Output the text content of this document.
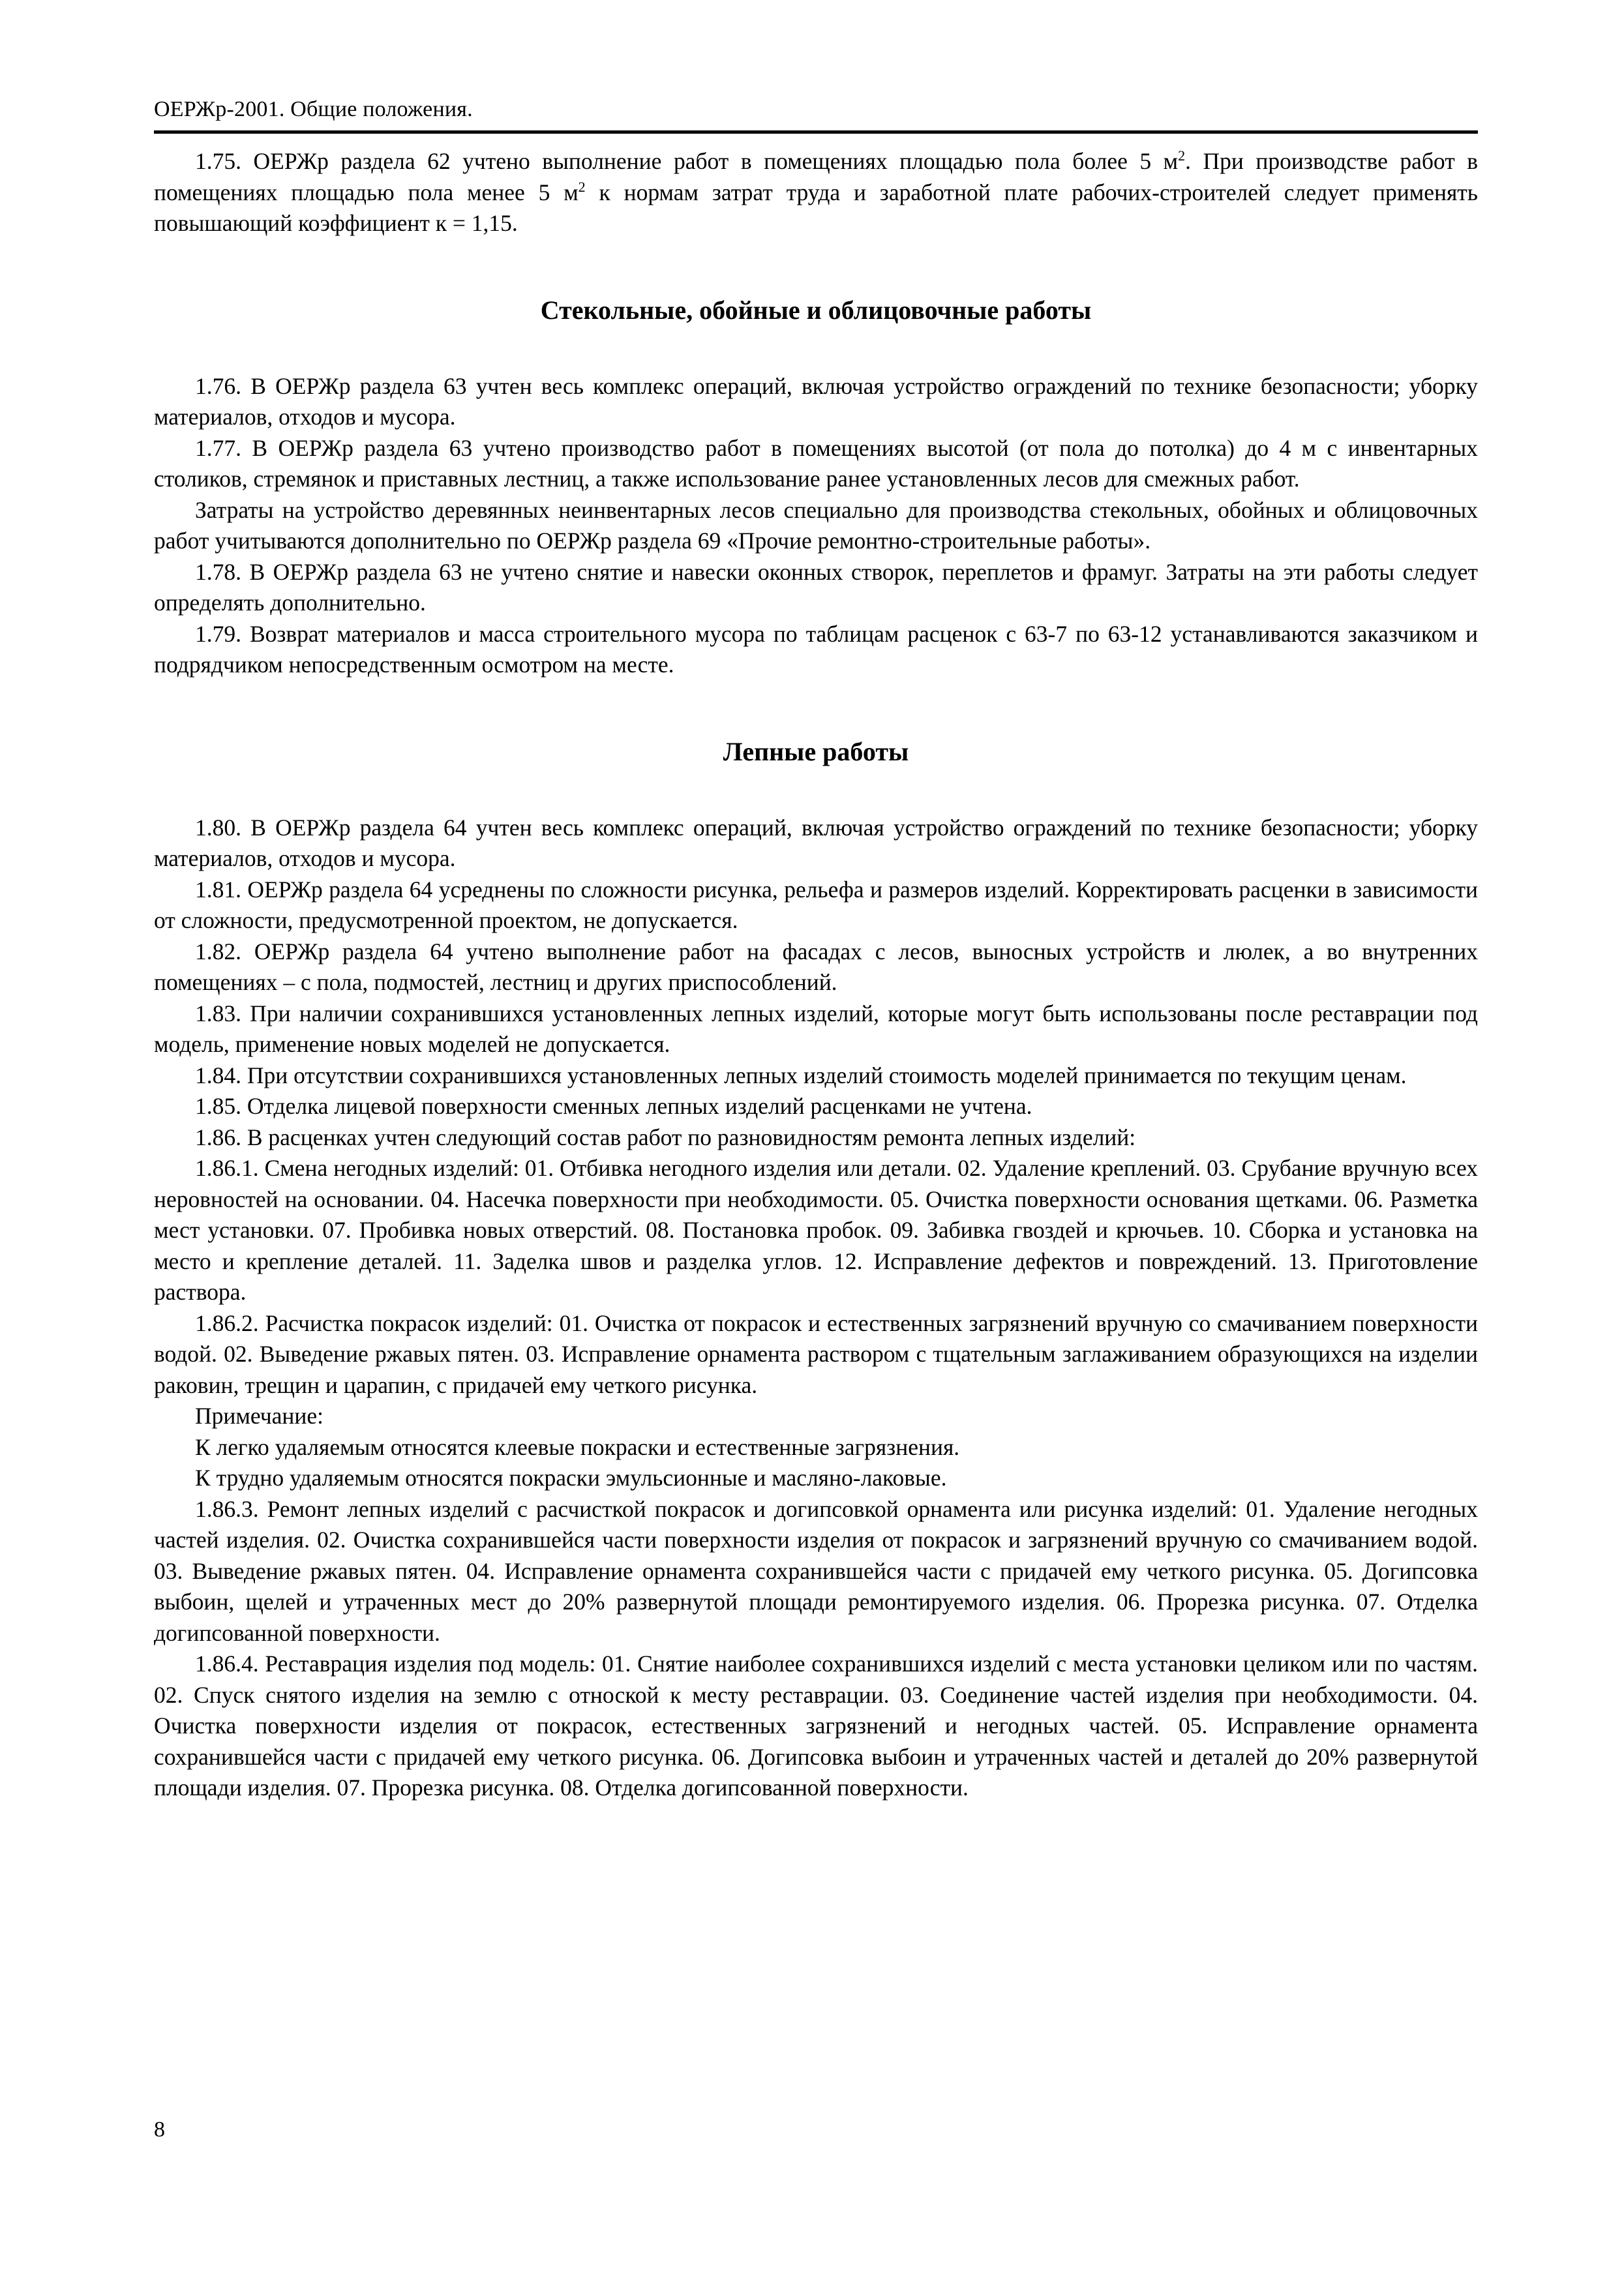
ОЕРЖр-2001. Общие положения.

1.75. ОЕРЖр раздела 62 учтено выполнение работ в помещениях площадью пола более 5 $м^2$. При производстве работ в помещениях площадью пола менее 5 $м^2$ к нормам затрат труда и заработной плате рабочих-строителей следует применять повышающий коэффициент к = 1,15.

Стекольные, обойные и облицовочные работы

1.76. В ОЕРЖр раздела 63 учтен весь комплекс операций, включая устройство ограждений по технике безопасности; уборку материалов, отходов и мусора.

1.77. В ОЕРЖр раздела 63 учтено производство работ в помещениях высотой (от пола до потолка) до 4 м с инвентарных столиков, стремянок и приставных лестниц, а также использование ранее установленных лесов для смежных работ.

Затраты на устройство деревянных неинвентарных лесов специально для производства стекольных, обойных и облицовочных работ учитываются дополнительно по ОЕРЖр раздела 69 «Прочие ремонтно-строительные работы».

1.78. В ОЕРЖр раздела 63 не учтено снятие и навески оконных створок, переплетов и фрамуг. Затраты на эти работы следует определять дополнительно.

1.79. Возврат материалов и масса строительного мусора по таблицам расценок с 63-7 по 63-12 устанавливаются заказчиком и подрядчиком непосредственным осмотром на месте.

Лепные работы

1.80. В ОЕРЖр раздела 64 учтен весь комплекс операций, включая устройство ограждений по технике безопасности; уборку материалов, отходов и мусора.

1.81. ОЕРЖр раздела 64 усреднены по сложности рисунка, рельефа и размеров изделий. Корректировать расценки в зависимости от сложности, предусмотренной проектом, не допускается.

1.82. ОЕРЖр раздела 64 учтено выполнение работ на фасадах с лесов, выносных устройств и люлек, а во внутренних помещениях – с пола, подмостей, лестниц и других приспособлений.

1.83. При наличии сохранившихся установленных лепных изделий, которые могут быть использованы после реставрации под модель, применение новых моделей не допускается.

1.84. При отсутствии сохранившихся установленных лепных изделий стоимость моделей принимается по текущим ценам.

1.85. Отделка лицевой поверхности сменных лепных изделий расценками не учтена.

1.86. В расценках учтен следующий состав работ по разновидностям ремонта лепных изделий:

1.86.1. Смена негодных изделий: 01. Отбивка негодного изделия или детали. 02. Удаление креплений. 03. Срубание вручную всех неровностей на основании. 04. Насечка поверхности при необходимости. 05. Очистка поверхности основания щетками. 06. Разметка мест установки. 07. Пробивка новых отверстий. 08. Постановка пробок. 09. Забивка гвоздей и крючьев. 10. Сборка и установка на место и крепление деталей. 11. Заделка швов и разделка углов. 12. Исправление дефектов и повреждений. 13. Приготовление раствора.

1.86.2. Расчистка покрасок изделий: 01. Очистка от покрасок и естественных загрязнений вручную со смачиванием поверхности водой. 02. Выведение ржавых пятен. 03. Исправление орнамента раствором с тщательным заглаживанием образующихся на изделии раковин, трещин и царапин, с придачей ему четкого рисунка.

Примечание:

К легко удаляемым относятся клеевые покраски и естественные загрязнения.

К трудно удаляемым относятся покраски эмульсионные и масляно-лаковые.

1.86.3. Ремонт лепных изделий с расчисткой покрасок и догипсовкой орнамента или рисунка изделий: 01. Удаление негодных частей изделия. 02. Очистка сохранившейся части поверхности изделия от покрасок и загрязнений вручную со смачиванием водой. 03. Выведение ржавых пятен. 04. Исправление орнамента сохранившейся части с придачей ему четкого рисунка. 05. Догипсовка выбоин, щелей и утраченных мест до 20% развернутой площади ремонтируемого изделия. 06. Прорезка рисунка. 07. Отделка догипсованной поверхности.

1.86.4. Реставрация изделия под модель: 01. Снятие наиболее сохранившихся изделий с места установки целиком или по частям. 02. Спуск снятого изделия на землю с отноской к месту реставрации. 03. Соединение частей изделия при необходимости. 04. Очистка поверхности изделия от покрасок, естественных загрязнений и негодных частей. 05. Исправление орнамента сохранившейся части с придачей ему четкого рисунка. 06. Догипсовка выбоин и утраченных частей и деталей до 20% развернутой площади изделия. 07. Прорезка рисунка. 08. Отделка догипсованной поверхности.

8
